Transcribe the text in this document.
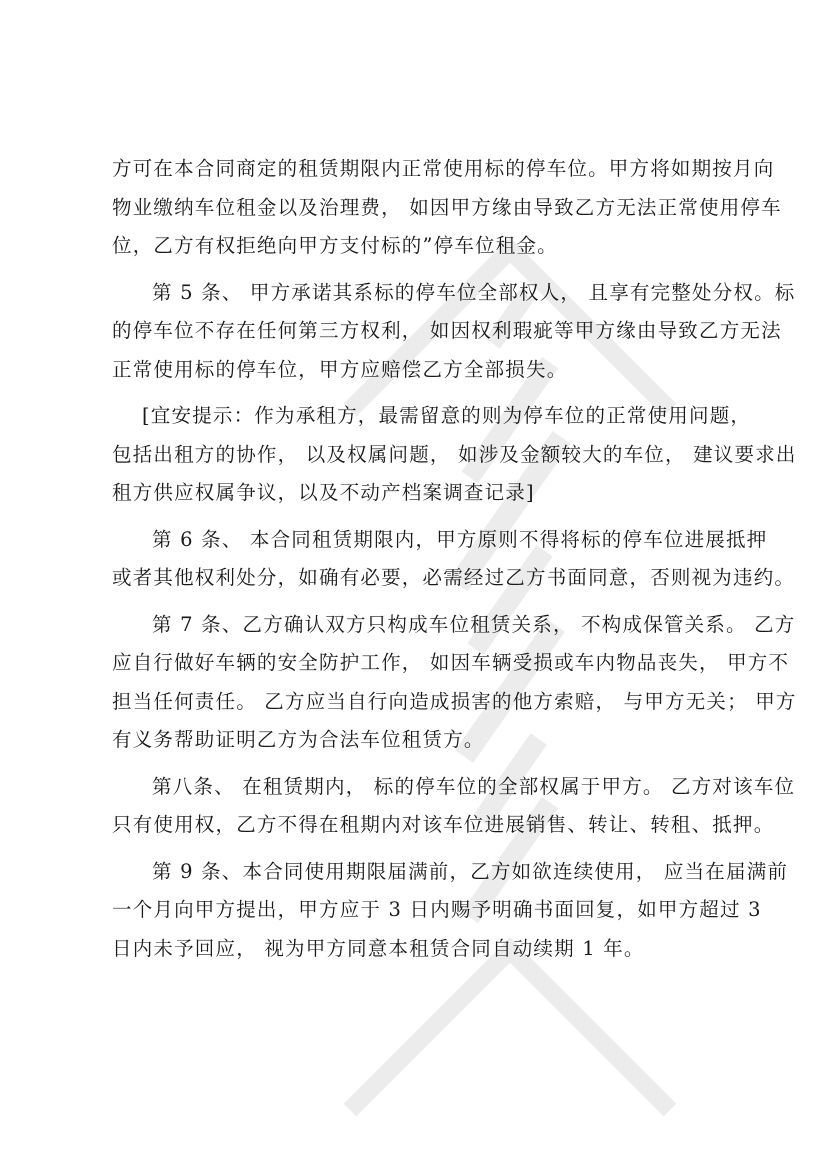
方可在本合同商定的租赁期限内正常使用标的停车位。甲方将如期按月向
物业缴纳车位租金以及治理费， 如因甲方缘由导致乙方无法正常使用停车
位，乙方有权拒绝向甲方支付标的”停车位租金。

第 5 条、 甲方承诺其系标的停车位全部权人， 且享有完整处分权。标
的停车位不存在任何第三方权利， 如因权利瑕疵等甲方缘由导致乙方无法
正常使用标的停车位，甲方应赔偿乙方全部损失。

[宜安提示：作为承租方，最需留意的则为停车位的正常使用问题，
包括出租方的协作， 以及权属问题， 如涉及金额较大的车位， 建议要求出
租方供应权属争议，以及不动产档案调查记录]

第 6 条、 本合同租赁期限内，甲方原则不得将标的停车位进展抵押
或者其他权利处分，如确有必要，必需经过乙方书面同意，否则视为违约。

第 7 条、乙方确认双方只构成车位租赁关系， 不构成保管关系。 乙方
应自行做好车辆的安全防护工作， 如因车辆受损或车内物品丧失， 甲方不
担当任何责任。 乙方应当自行向造成损害的他方索赔， 与甲方无关； 甲方
有义务帮助证明乙方为合法车位租赁方。

第八条、 在租赁期内， 标的停车位的全部权属于甲方。 乙方对该车位
只有使用权，乙方不得在租期内对该车位进展销售、转让、转租、抵押。

第 9 条、本合同使用期限届满前，乙方如欲连续使用， 应当在届满前
一个月向甲方提出，甲方应于 3 日内赐予明确书面回复，如甲方超过 3
日内未予回应， 视为甲方同意本租赁合同自动续期 1 年。
